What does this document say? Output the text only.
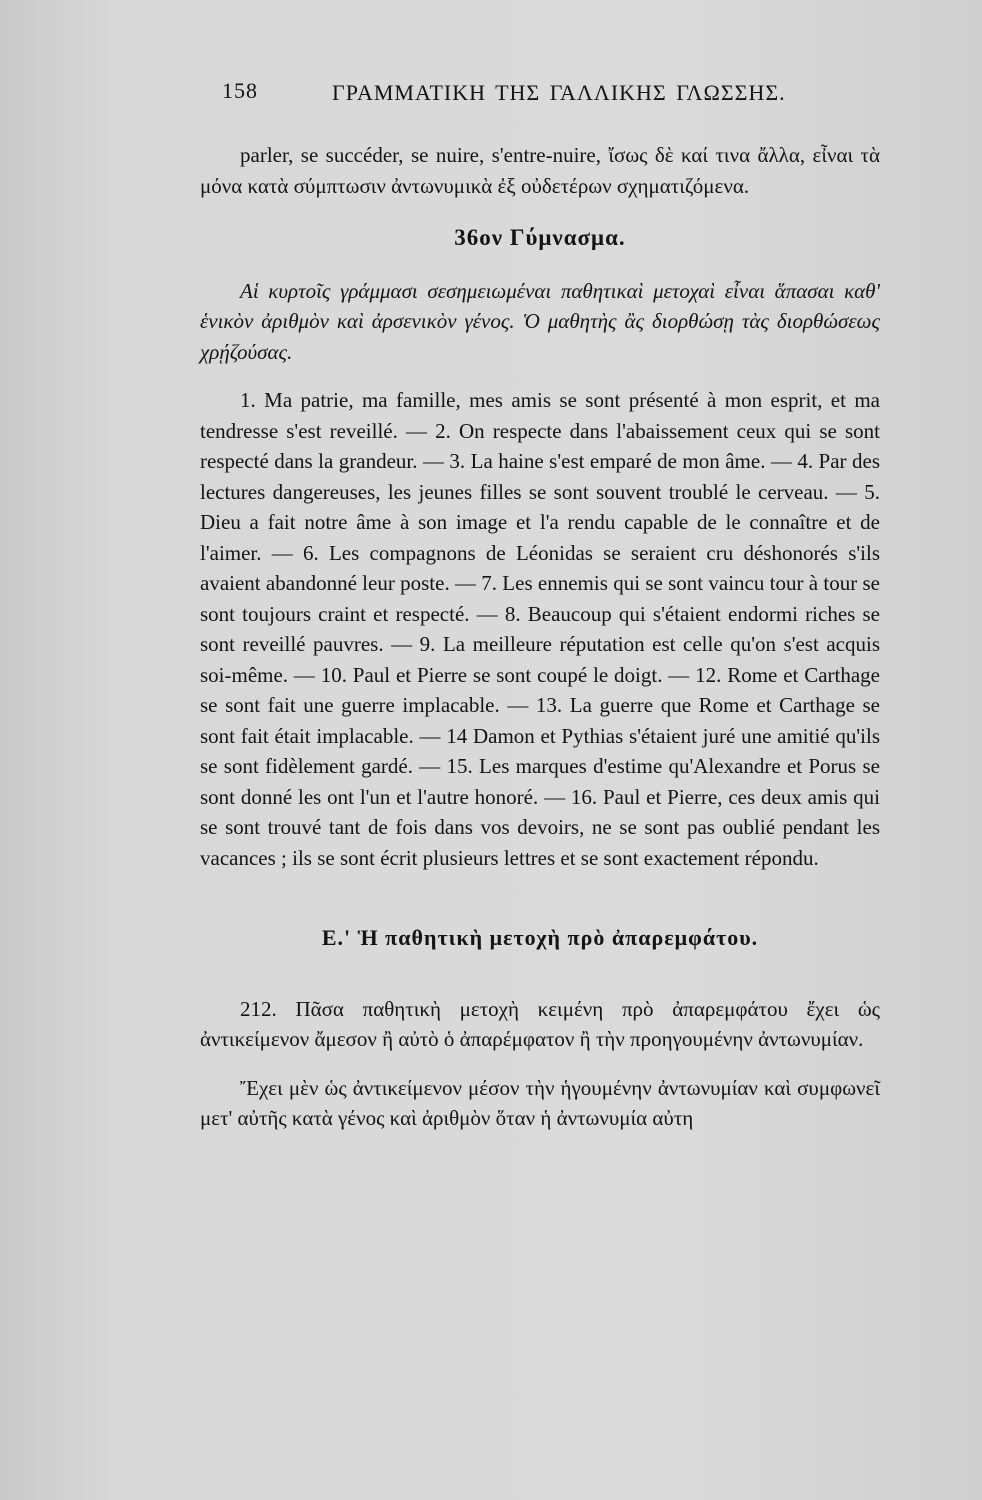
158	ΓΡΑΜΜΑΤΙΚΗ ΤΗΣ ΓΑΛΛΙΚΗΣ ΓΛΩΣΣΗΣ.

parler, se succéder, se nuire, s'entre-nuire, ἴσως δὲ καί τινα ἄλλα, εἶναι τὰ μόνα κατὰ σύμπτωσιν ἀντωνυμικὰ ἐξ οὐδετέρων σχηματιζόμενα.

36ον Γύμνασμα.

Αἱ κυρτοῖς γράμμασι σεσημειωμέναι παθητικαὶ μετοχαὶ εἶναι ἅπασαι καθ' ἑνικὸν ἀριθμὸν καὶ ἀρσενικὸν γένος. Ὁ μαθητὴς ἂς διορθώσῃ τὰς διορθώσεως χρῄζούσας.

1. Ma patrie, ma famille, mes amis se sont présenté à mon esprit, et ma tendresse s'est reveillé. — 2. On respecte dans l'abaissement ceux qui se sont respecté dans la grandeur. — 3. La haine s'est emparé de mon âme. — 4. Par des lectures dangereuses, les jeunes filles se sont souvent troublé le cerveau. — 5. Dieu a fait notre âme à son image et l'a rendu capable de le connaître et de l'aimer. — 6. Les compagnons de Léonidas se seraient cru déshonorés s'ils avaient abandonné leur poste. — 7. Les ennemis qui se sont vaincu tour à tour se sont toujours craint et respecté. — 8. Beaucoup qui s'étaient endormi riches se sont reveillé pauvres. — 9. La meilleure réputation est celle qu'on s'est acquis soi-même. — 10. Paul et Pierre se sont coupé le doigt. — 12. Rome et Carthage se sont fait une guerre implacable. — 13. La guerre que Rome et Carthage se sont fait était implacable. — 14 Damon et Pythias s'étaient juré une amitié qu'ils se sont fidèlement gardé. — 15. Les marques d'estime qu'Alexandre et Porus se sont donné les ont l'un et l'autre honoré. — 16. Paul et Pierre, ces deux amis qui se sont trouvé tant de fois dans vos devoirs, ne se sont pas oublié pendant les vacances ; ils se sont écrit plusieurs lettres et se sont exactement répondu.

Ε.' Ἡ παθητικὴ μετοχὴ πρὸ ἀπαρεμφάτου.

212. Πᾶσα παθητικὴ μετοχὴ κειμένη πρὸ ἀπαρεμφάτου ἔχει ὡς ἀντικείμενον ἄμεσον ἢ αὐτὸ ὁ ἀπαρέμφατον ἢ τὴν προηγουμένην ἀντωνυμίαν.

Ἔχει μὲν ὡς ἀντικείμενον μέσον τὴν ἡγουμένην ἀντωνυμίαν καὶ συμφωνεῖ μετ' αὐτῆς κατὰ γένος καὶ ἀριθμὸν ὅταν ἡ ἀντωνυμία αὐτη
